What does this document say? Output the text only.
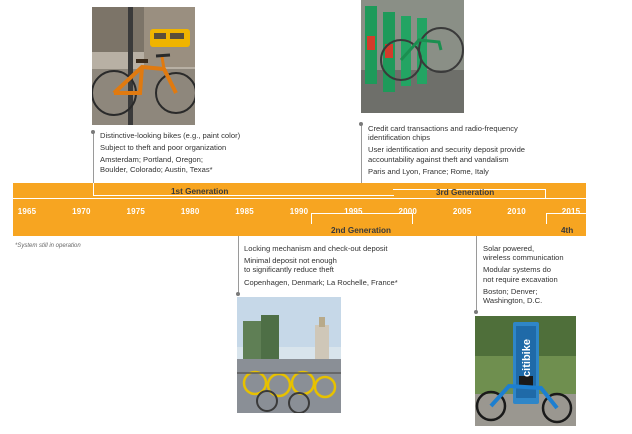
citibike

Distinctive-looking bikes (e.g., paint color)

Subject to theft and poor organization

Amsterdam; Portland, Oregon;
Boulder, Colorado; Austin, Texas*

Credit card transactions and radio-frequency
identification chips

User identification and security deposit provide
accountability against theft and vandalism

Paris and Lyon, France; Rome, Italy

Locking mechanism and check-out deposit

Minimal deposit not enough
to significantly reduce theft

Copenhagen, Denmark; La Rochelle, France*

Solar powered,
wireless communication

Modular systems do
not require excavation

Boston; Denver;
Washington, D.C.

1st Generation	3rd Generation
2nd Generation	4th
1965	1970	1975	1980	1985	1990	1995	2000	2005	2010	2015
*System still in operation
